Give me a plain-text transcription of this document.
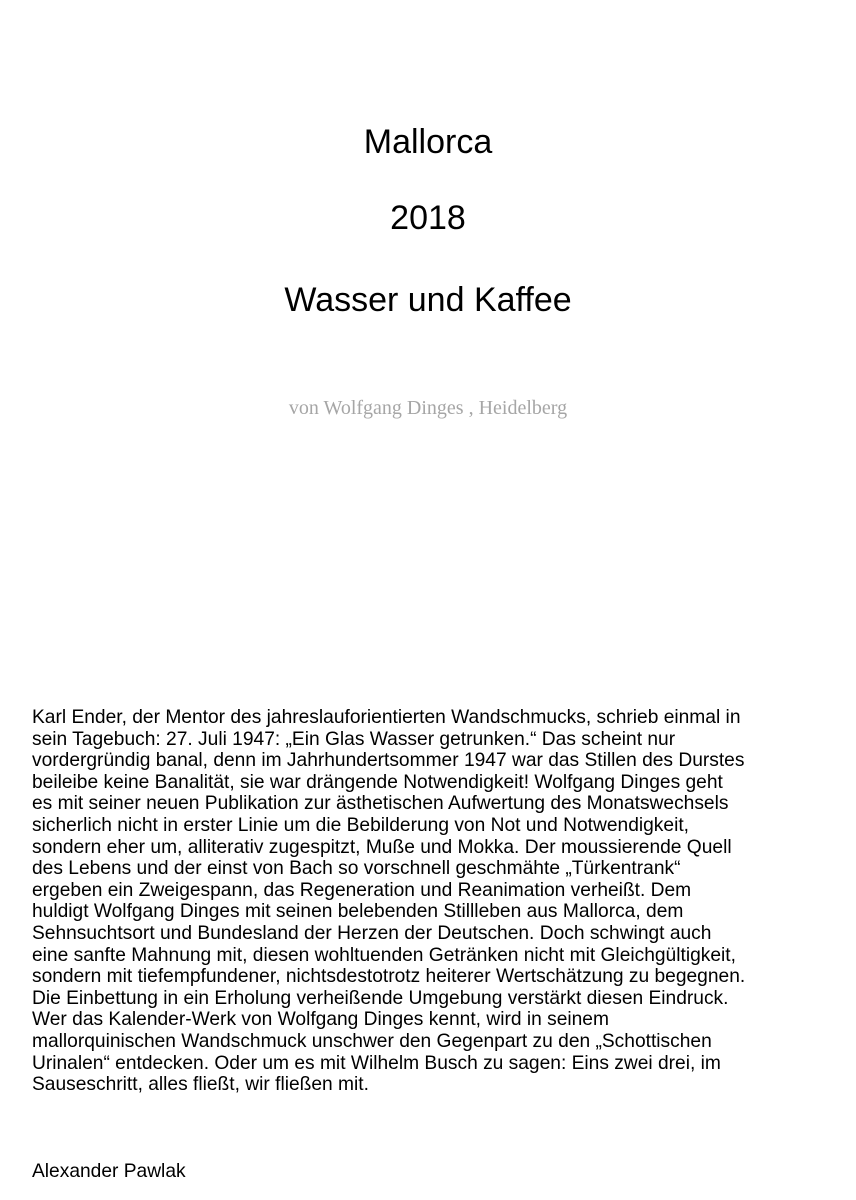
Mallorca
2018
Wasser und Kaffee
von Wolfgang Dinges , Heidelberg
Karl Ender, der Mentor des jahreslauforientierten Wandschmucks, schrieb einmal in
sein Tagebuch: 27. Juli 1947: „Ein Glas Wasser getrunken.“ Das scheint nur
vordergründig banal, denn im Jahrhundertsommer 1947 war das Stillen des Durstes
beileibe keine Banalität, sie war drängende Notwendigkeit! Wolfgang Dinges geht
es mit seiner neuen Publikation zur ästhetischen Aufwertung des Monatswechsels
sicherlich nicht in erster Linie um die Bebilderung von Not und Notwendigkeit,
sondern eher um, alliterativ zugespitzt, Muße und Mokka. Der moussierende Quell
des Lebens und der einst von Bach so vorschnell geschmähte „Türkentrank“
ergeben ein Zweigespann, das Regeneration und Reanimation verheißt. Dem
huldigt Wolfgang Dinges mit seinen belebenden Stillleben aus Mallorca, dem
Sehnsuchtsort und Bundesland der Herzen der Deutschen. Doch schwingt auch
eine sanfte Mahnung mit, diesen wohltuenden Getränken nicht mit Gleichgültigkeit,
sondern mit tiefempfundener, nichtsdestotrotz heiterer Wertschätzung zu begegnen.
Die Einbettung in ein Erholung verheißende Umgebung verstärkt diesen Eindruck.
Wer das Kalender-Werk von Wolfgang Dinges kennt, wird in seinem
mallorquinischen Wandschmuck unschwer den Gegenpart zu den „Schottischen
Urinalen“ entdecken. Oder um es mit Wilhelm Busch zu sagen: Eins zwei drei, im
Sauseschritt, alles fließt, wir fließen mit.
Alexander Pawlak
